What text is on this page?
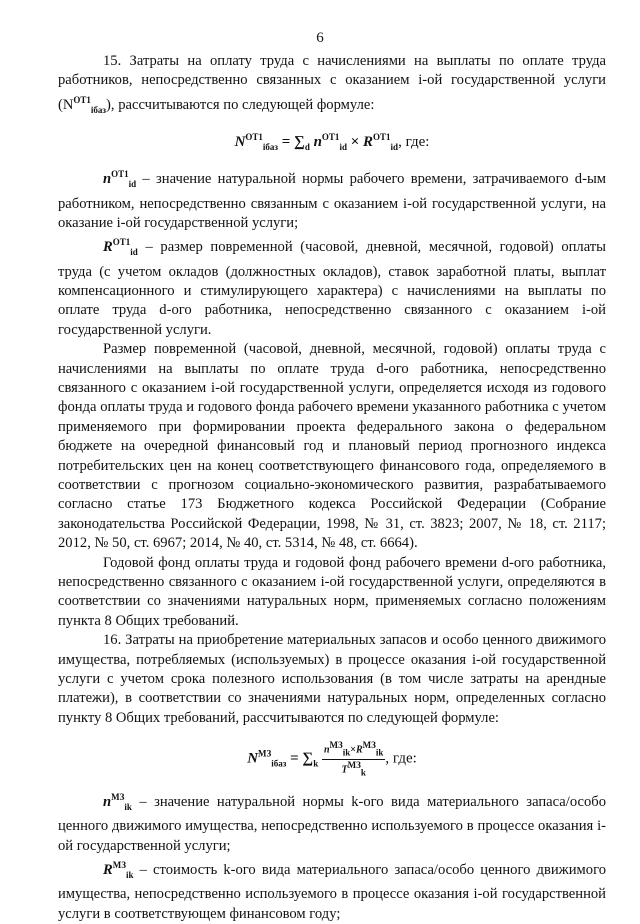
6

15. Затраты на оплату труда с начислениями на выплаты по оплате труда работников, непосредственно связанных с оказанием i-ой государственной услуги $(N^{ОТ1}_{iбаз})$, рассчитываются по следующей формуле:

$N^{ОТ1}_{iбаз} = \sum_d$ $n^{ОТ1}_{id} \times R^{ОТ1}_{id}$, где:

$n^{ОТ1}_{id}$ – значение натуральной нормы рабочего времени, затрачиваемого d-ым работником, непосредственно связанным с оказанием i-ой государственной услуги, на оказание i-ой государственной услуги;

$R^{ОТ1}_{id}$ – размер повременной (часовой, дневной, месячной, годовой) оплаты труда (с учетом окладов (должностных окладов), ставок заработной платы, выплат компенсационного и стимулирующего характера) с начислениями на выплаты по оплате труда d-ого работника, непосредственно связанного с оказанием i-ой государственной услуги.

Размер повременной (часовой, дневной, месячной, годовой) оплаты труда с начислениями на выплаты по оплате труда d-ого работника, непосредственно связанного с оказанием i-ой государственной услуги, определяется исходя из годового фонда оплаты труда и годового фонда рабочего времени указанного работника с учетом применяемого при формировании проекта федерального закона о федеральном бюджете на очередной финансовый год и плановый период прогнозного индекса потребительских цен на конец соответствующего финансового года, определяемого в соответствии с прогнозом социально-экономического развития, разрабатываемого согласно статье 173 Бюджетного кодекса Российской Федерации (Собрание законодательства Российской Федерации, 1998, № 31, ст. 3823; 2007, № 18, ст. 2117; 2012, № 50, ст. 6967; 2014, № 40, ст. 5314, № 48, ст. 6664).

Годовой фонд оплаты труда и годовой фонд рабочего времени d-ого работника, непосредственно связанного с оказанием i-ой государственной услуги, определяются в соответствии со значениями натуральных норм, применяемых согласно положениям пункта 8 Общих требований.

16. Затраты на приобретение материальных запасов и особо ценного движимого имущества, потребляемых (используемых) в процессе оказания i-ой государственной услуги с учетом срока полезного использования (в том числе затраты на арендные платежи), в соответствии со значениями натуральных норм, определенных согласно пункту 8 Общих требований, рассчитываются по следующей формуле:

$N^{МЗ}_{iбаз} = \sum_k \frac{n^{МЗ}_{ik}\times R^{МЗ}_{ik}}{T^{МЗ}_k}$ , где:

$n^{МЗ}_{ik}$ – значение натуральной нормы k-ого вида материального запаса/особо ценного движимого имущества, непосредственно используемого в процессе оказания i-ой государственной услуги;

$R^{МЗ}_{ik}$ – стоимость k-ого вида материального запаса/особо ценного движимого имущества, непосредственно используемого в процессе оказания i-ой государственной услуги в соответствующем финансовом году;
